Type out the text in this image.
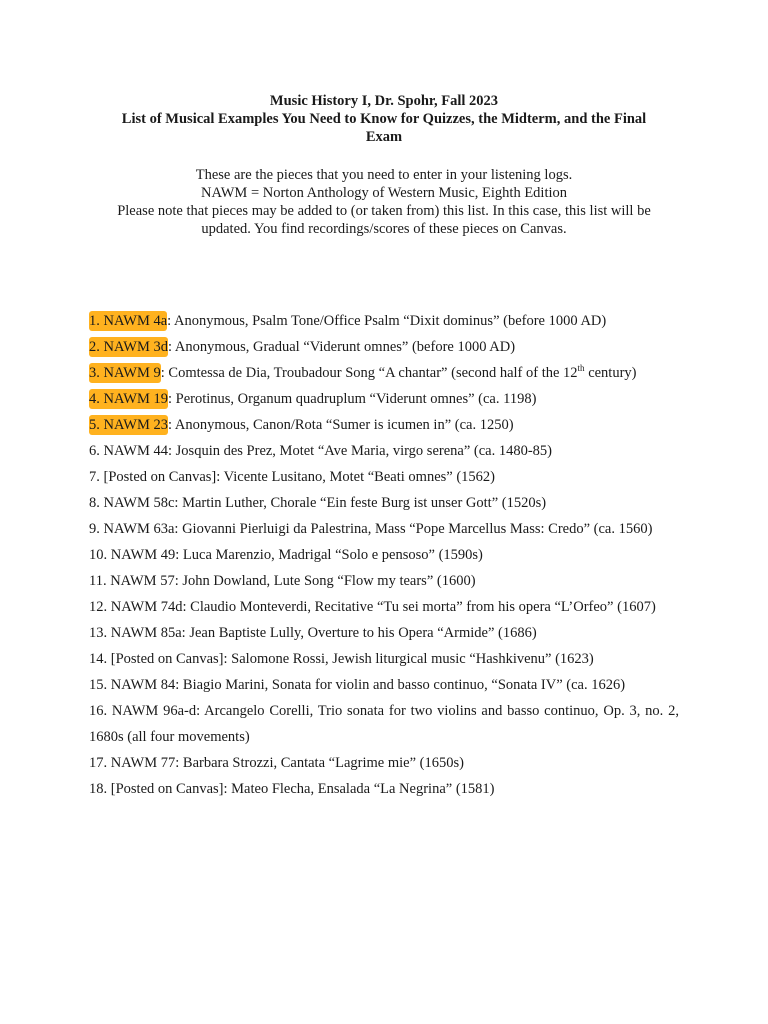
Music History I, Dr. Spohr, Fall 2023
List of Musical Examples You Need to Know for Quizzes, the Midterm, and the Final
Exam
These are the pieces that you need to enter in your listening logs.
NAWM = Norton Anthology of Western Music, Eighth Edition
Please note that pieces may be added to (or taken from) this list. In this case, this list will be
updated. You find recordings/scores of these pieces on Canvas.
1. NAWM 4a: Anonymous, Psalm Tone/Office Psalm “Dixit dominus” (before 1000 AD)
2. NAWM 3d: Anonymous, Gradual “Viderunt omnes” (before 1000 AD)
3. NAWM 9: Comtessa de Dia, Troubadour Song “A chantar” (second half of the 12th century)
4. NAWM 19: Perotinus, Organum quadruplum “Viderunt omnes” (ca. 1198)
5. NAWM 23: Anonymous, Canon/Rota “Sumer is icumen in” (ca. 1250)
6. NAWM 44: Josquin des Prez, Motet “Ave Maria, virgo serena” (ca. 1480-85)
7. [Posted on Canvas]: Vicente Lusitano, Motet “Beati omnes” (1562)
8. NAWM 58c: Martin Luther, Chorale “Ein feste Burg ist unser Gott” (1520s)
9. NAWM 63a: Giovanni Pierluigi da Palestrina, Mass “Pope Marcellus Mass: Credo” (ca. 1560)
10. NAWM 49: Luca Marenzio, Madrigal “Solo e pensoso” (1590s)
11. NAWM 57: John Dowland, Lute Song “Flow my tears” (1600)
12. NAWM 74d: Claudio Monteverdi, Recitative “Tu sei morta” from his opera “L’Orfeo” (1607)
13. NAWM 85a: Jean Baptiste Lully, Overture to his Opera “Armide” (1686)
14. [Posted on Canvas]: Salomone Rossi, Jewish liturgical music “Hashkivenu” (1623)
15. NAWM 84: Biagio Marini, Sonata for violin and basso continuo, “Sonata IV” (ca. 1626)
16. NAWM 96a-d: Arcangelo Corelli, Trio sonata for two violins and basso continuo, Op. 3, no. 2, 1680s (all four movements)
17. NAWM 77: Barbara Strozzi, Cantata “Lagrime mie” (1650s)
18. [Posted on Canvas]: Mateo Flecha, Ensalada “La Negrina” (1581)
